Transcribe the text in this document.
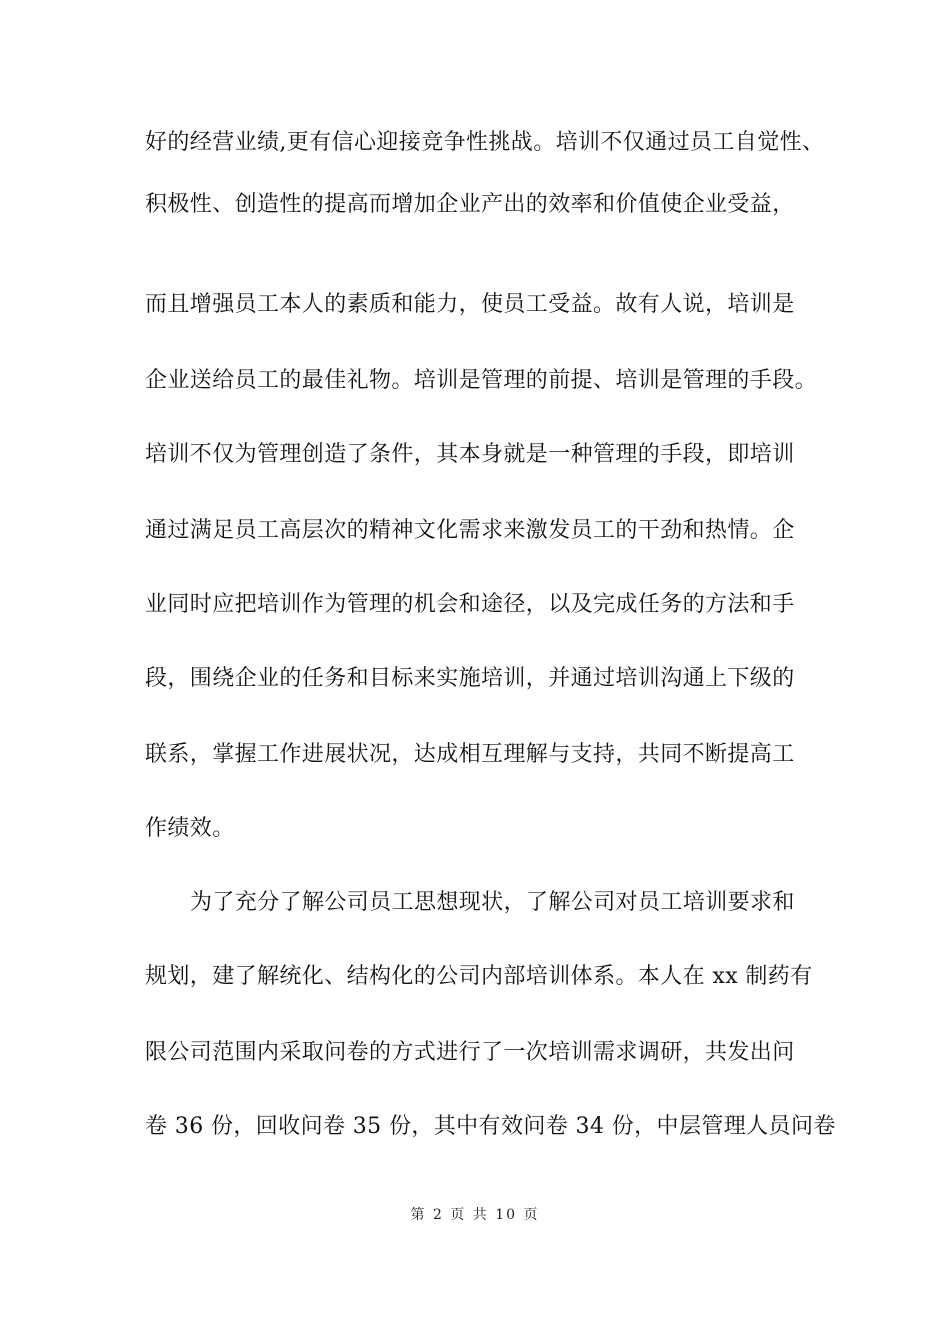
好的经营业绩,更有信心迎接竞争性挑战。培训不仅通过员工自觉性、
积极性、创造性的提高而增加企业产出的效率和价值使企业受益，
而且增强员工本人的素质和能力，使员工受益。故有人说，培训是
企业送给员工的最佳礼物。培训是管理的前提、培训是管理的手段。
培训不仅为管理创造了条件，其本身就是一种管理的手段，即培训
通过满足员工高层次的精神文化需求来激发员工的干劲和热情。企
业同时应把培训作为管理的机会和途径，以及完成任务的方法和手
段，围绕企业的任务和目标来实施培训，并通过培训沟通上下级的
联系，掌握工作进展状况，达成相互理解与支持，共同不断提高工
作绩效。
为了充分了解公司员工思想现状，了解公司对员工培训要求和
规划，建了解统化、结构化的公司内部培训体系。本人在 xx 制药有
限公司范围内采取问卷的方式进行了一次培训需求调研，共发出问
卷 36 份，回收问卷 35 份，其中有效问卷 34 份，中层管理人员问卷
第 2 页 共 10 页
